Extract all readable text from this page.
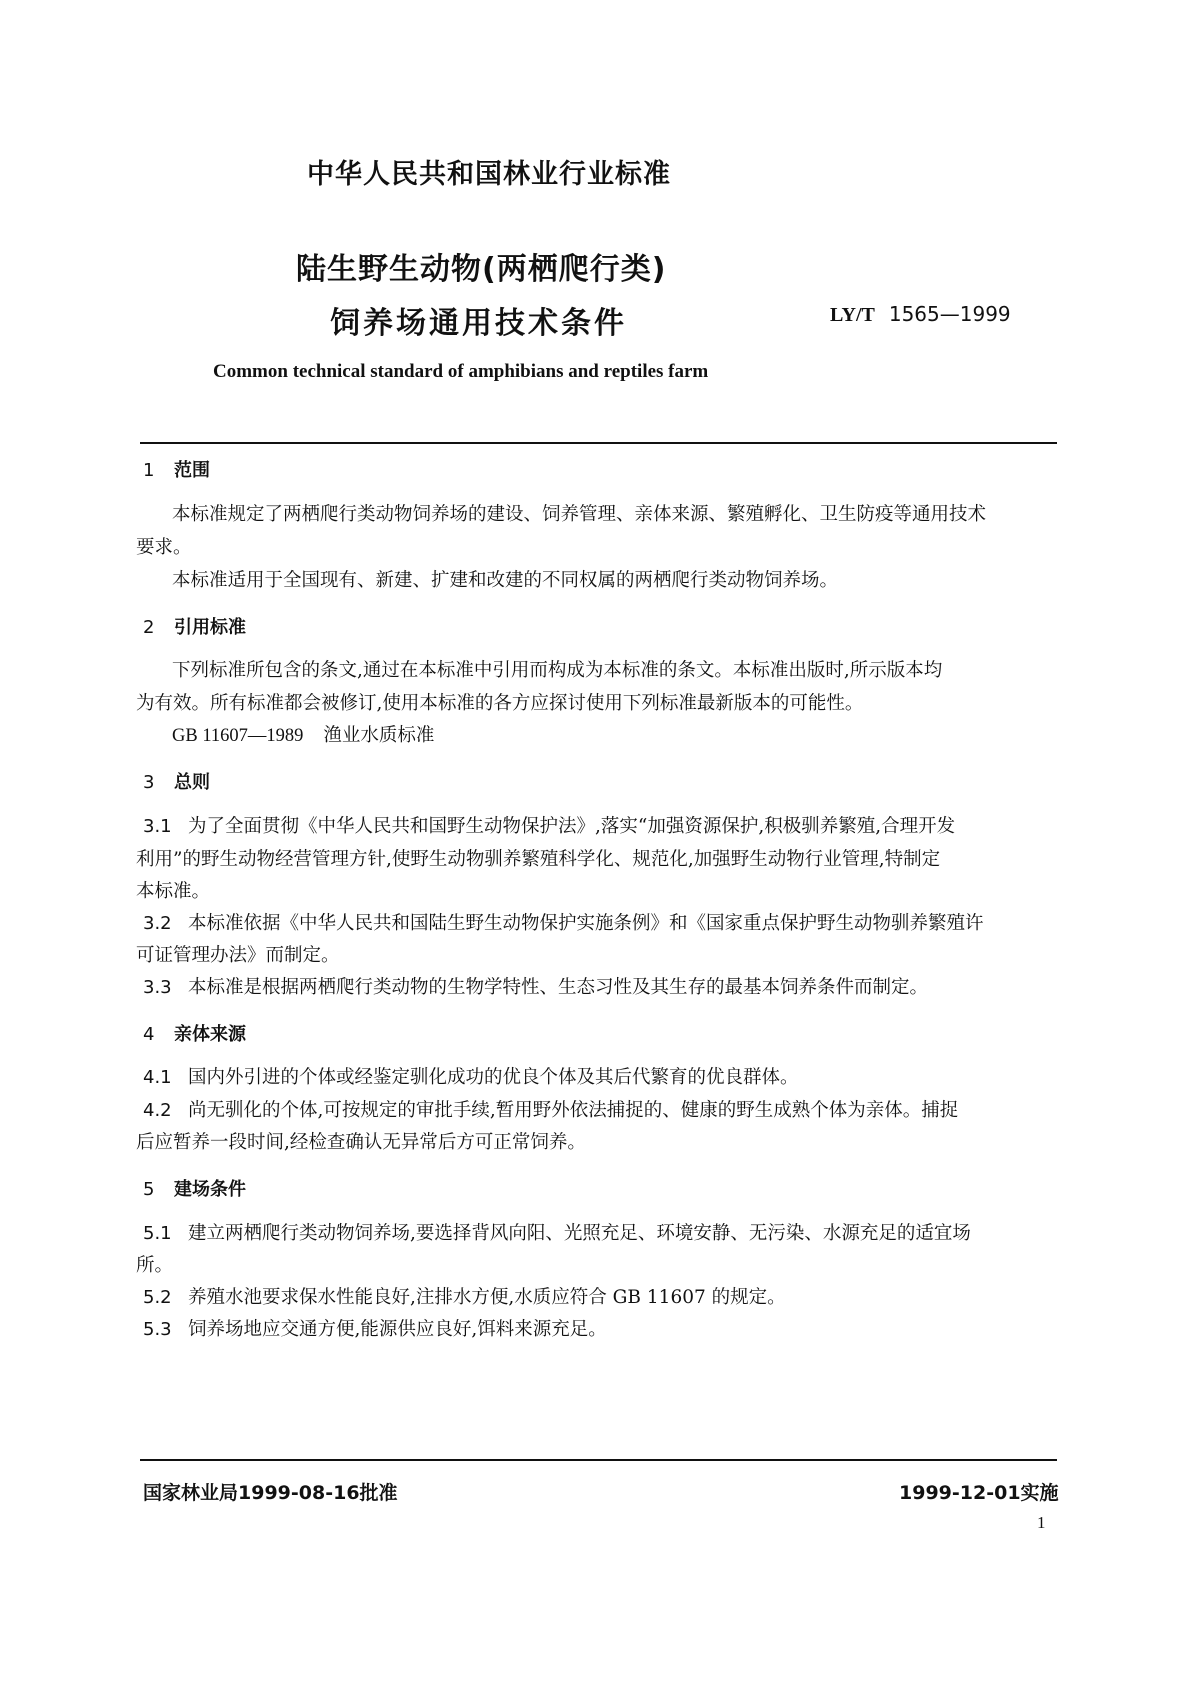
中华人民共和国林业行业标准
陆生野生动物(两栖爬行类)
饲养场通用技术条件	LY/T 1565—1999
Common technical standard of amphibians and reptiles farm
1 范围
本标准规定了两栖爬行类动物饲养场的建设、饲养管理、亲体来源、繁殖孵化、卫生防疫等通用技术
要求。
本标准适用于全国现有、新建、扩建和改建的不同权属的两栖爬行类动物饲养场。
2 引用标准
下列标准所包含的条文,通过在本标准中引用而构成为本标准的条文。本标准出版时,所示版本均
为有效。所有标准都会被修订,使用本标准的各方应探讨使用下列标准最新版本的可能性。
GB 11607—1989 渔业水质标准
3 总则
3.1 为了全面贯彻《中华人民共和国野生动物保护法》,落实“加强资源保护,积极驯养繁殖,合理开发
利用”的野生动物经营管理方针,使野生动物驯养繁殖科学化、规范化,加强野生动物行业管理,特制定
本标准。
3.2 本标准依据《中华人民共和国陆生野生动物保护实施条例》和《国家重点保护野生动物驯养繁殖许
可证管理办法》而制定。
3.3 本标准是根据两栖爬行类动物的生物学特性、生态习性及其生存的最基本饲养条件而制定。
4 亲体来源
4.1 国内外引进的个体或经鉴定驯化成功的优良个体及其后代繁育的优良群体。
4.2 尚无驯化的个体,可按规定的审批手续,暂用野外依法捕捉的、健康的野生成熟个体为亲体。捕捉
后应暂养一段时间,经检查确认无异常后方可正常饲养。
5 建场条件
5.1 建立两栖爬行类动物饲养场,要选择背风向阳、光照充足、环境安静、无污染、水源充足的适宜场
所。
5.2 养殖水池要求保水性能良好,注排水方便,水质应符合 GB 11607 的规定。
5.3 饲养场地应交通方便,能源供应良好,饵料来源充足。
国家林业局1999-08-16批准	1999-12-01实施
1
